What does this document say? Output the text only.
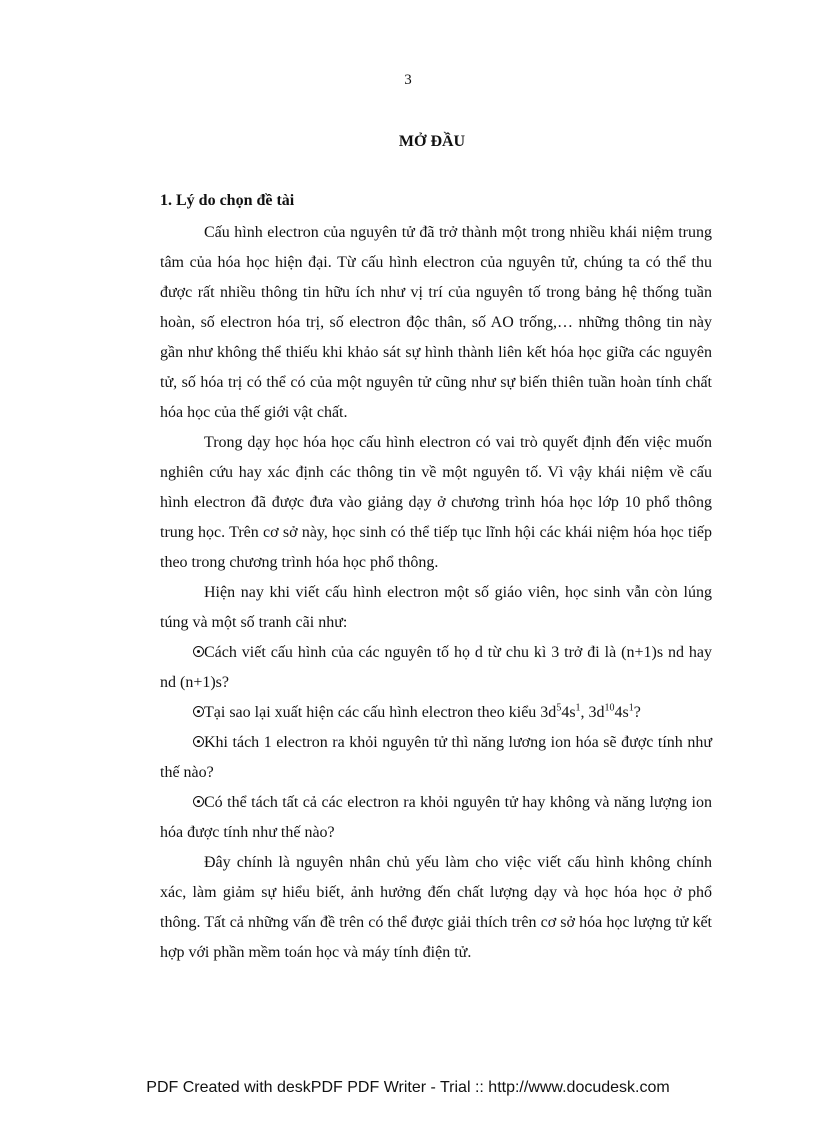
3
MỞ ĐẦU
1. Lý do chọn đề tài

Cấu hình electron của nguyên tử đã trở thành một trong nhiều khái niệm trung tâm của hóa học hiện đại. Từ cấu hình electron của nguyên tử, chúng ta có thể thu được rất nhiều thông tin hữu ích như vị trí của nguyên tố trong bảng hệ thống tuần hoàn, số electron hóa trị, số electron độc thân, số AO trống,… những thông tin này gần như không thể thiếu khi khảo sát sự hình thành liên kết hóa học giữa các nguyên tử, số hóa trị có thể có của một nguyên tử cũng như sự biến thiên tuần hoàn tính chất hóa học của thế giới vật chất.

Trong dạy học hóa học cấu hình electron có vai trò quyết định đến việc muốn nghiên cứu hay xác định các thông tin về một nguyên tố. Vì vậy khái niệm về cấu hình electron đã được đưa vào giảng dạy ở chương trình hóa học lớp 10 phổ thông trung học. Trên cơ sở này, học sinh có thể tiếp tục lĩnh hội các khái niệm hóa học tiếp theo trong chương trình hóa học phổ thông.

Hiện nay khi viết cấu hình electron một số giáo viên, học sinh vẫn còn lúng túng và một số tranh cãi như:

Cách viết cấu hình của các nguyên tố họ d từ chu kì 3 trở đi là (n+1)s nd hay nd (n+1)s?

Tại sao lại xuất hiện các cấu hình electron theo kiểu $3d^54s^1$, $3d^{10}4s^1$?

Khi tách 1 electron ra khỏi nguyên tử thì năng lương ion hóa sẽ được tính như thế nào?

Có thể tách tất cả các electron ra khỏi nguyên tử hay không và năng lượng ion hóa được tính như thế nào?

Đây chính là nguyên nhân chủ yếu làm cho việc viết cấu hình không chính xác, làm giảm sự hiểu biết, ảnh hưởng đến chất lượng dạy và học hóa học ở phổ thông. Tất cả những vấn đề trên có thể được giải thích trên cơ sở hóa học lượng tử kết hợp với phần mềm toán học và máy tính điện tử.

PDF Created with deskPDF PDF Writer - Trial :: http://www.docudesk.com
